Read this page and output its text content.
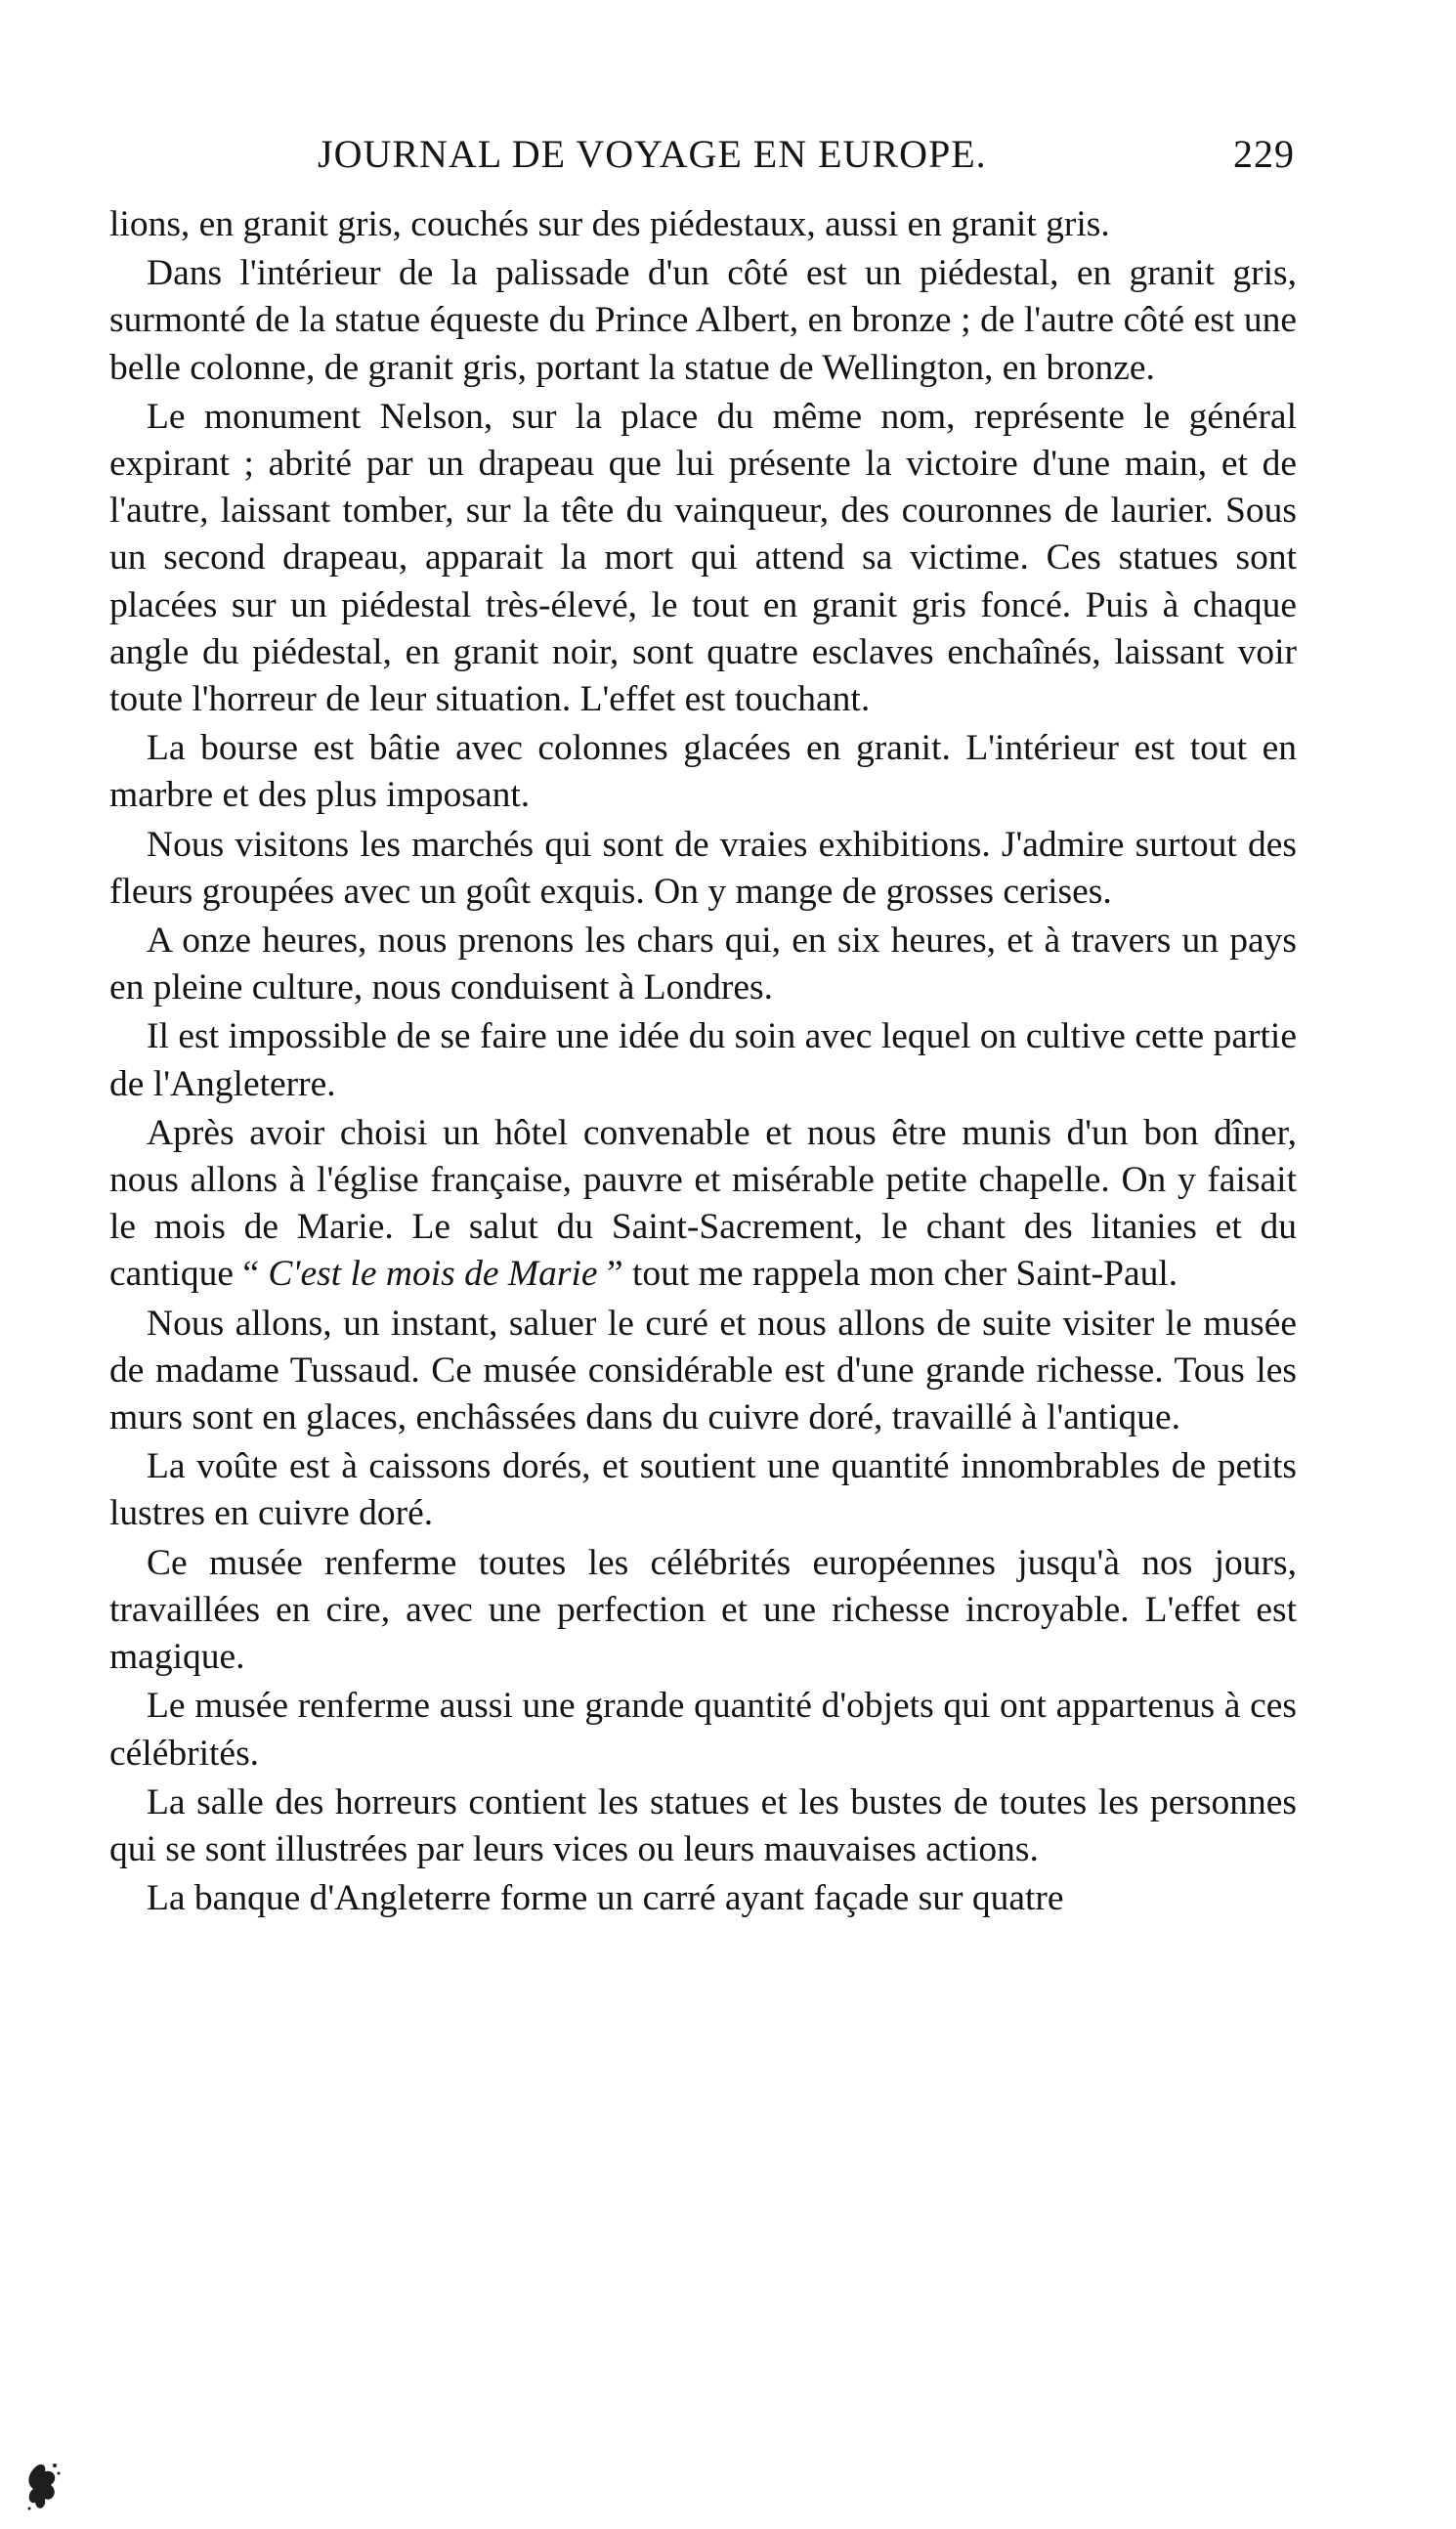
JOURNAL DE VOYAGE EN EUROPE.	229

lions, en granit gris, couchés sur des piédestaux, aussi en granit gris.

Dans l'intérieur de la palissade d'un côté est un piédestal, en granit gris, surmonté de la statue équeste du Prince Albert, en bronze ; de l'autre côté est une belle colonne, de granit gris, portant la statue de Wellington, en bronze.

Le monument Nelson, sur la place du même nom, représente le général expirant ; abrité par un drapeau que lui présente la victoire d'une main, et de l'autre, laissant tomber, sur la tête du vainqueur, des couronnes de laurier. Sous un second drapeau, apparait la mort qui attend sa victime. Ces statues sont placées sur un piédestal très-élevé, le tout en granit gris foncé. Puis à chaque angle du piédestal, en granit noir, sont quatre esclaves enchaînés, laissant voir toute l'horreur de leur situation. L'effet est touchant.

La bourse est bâtie avec colonnes glacées en granit. L'intérieur est tout en marbre et des plus imposant.

Nous visitons les marchés qui sont de vraies exhibitions. J'admire surtout des fleurs groupées avec un goût exquis. On y mange de grosses cerises.

A onze heures, nous prenons les chars qui, en six heures, et à travers un pays en pleine culture, nous conduisent à Londres.

Il est impossible de se faire une idée du soin avec lequel on cultive cette partie de l'Angleterre.

Après avoir choisi un hôtel convenable et nous être munis d'un bon dîner, nous allons à l'église française, pauvre et misérable petite chapelle. On y faisait le mois de Marie. Le salut du Saint-Sacrement, le chant des litanies et du cantique “ C'est le mois de Marie ” tout me rappela mon cher Saint-Paul.

Nous allons, un instant, saluer le curé et nous allons de suite visiter le musée de madame Tussaud. Ce musée considérable est d'une grande richesse. Tous les murs sont en glaces, enchâssées dans du cuivre doré, travaillé à l'antique.

La voûte est à caissons dorés, et soutient une quantité innombrables de petits lustres en cuivre doré.

Ce musée renferme toutes les célébrités européennes jusqu'à nos jours, travaillées en cire, avec une perfection et une richesse incroyable. L'effet est magique.

Le musée renferme aussi une grande quantité d'objets qui ont appartenus à ces célébrités.

La salle des horreurs contient les statues et les bustes de toutes les personnes qui se sont illustrées par leurs vices ou leurs mauvaises actions.

La banque d'Angleterre forme un carré ayant façade sur quatre
